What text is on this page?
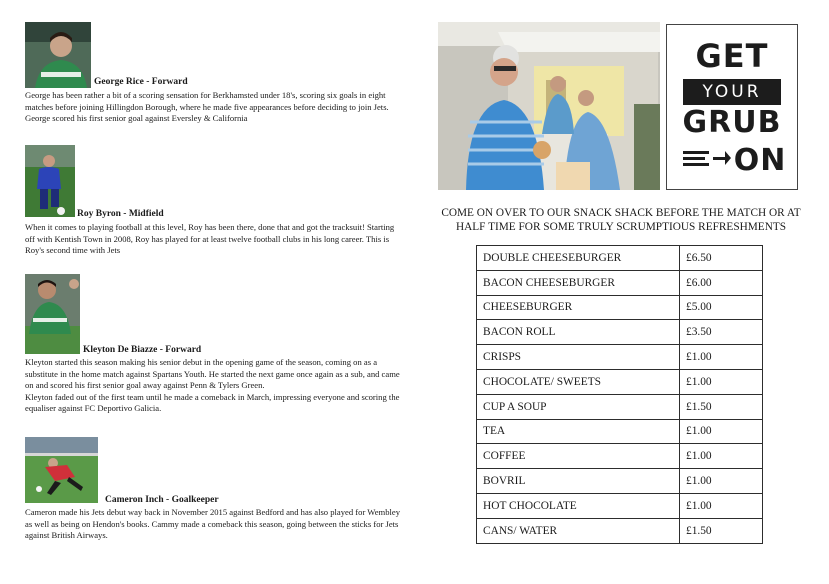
George Rice - Forward

George has been rather a bit of a scoring sensation for Berkhamsted under 18's, scoring six goals in eight matches before joining Hillingdon Borough, where he made five appearances before deciding to join Jets. George scored his first senior goal against Eversley & California

Roy Byron - Midfield

When it comes to playing football at this level, Roy has been there, done that and got the tracksuit! Starting off with Kentish Town in 2008, Roy has played for at least twelve football clubs in his long career. This is Roy's second time with Jets

Kleyton De Biazze - Forward

Kleyton started this season making his senior debut in the opening game of the season, coming on as a substitute in the home match against Spartans Youth. He started the next game once again as a sub, and came on and scored his first senior goal away against Penn & Tylers Green.

Kleyton faded out of the first team until he made a comeback in March, impressing everyone and scoring the equaliser against FC Deportivo Galicia.

Cameron Inch - Goalkeeper

Cameron made his Jets debut way back in November 2015 against Bedford and has also played for Wembley as well as being on Hendon's books. Cammy made a comeback this season, going between the sticks for Jets against British Airways.

GET
YOUR
GRUB
ON
COME ON OVER TO OUR SNACK SHACK BEFORE THE MATCH OR AT HALF TIME FOR SOME TRULY SCRUMPTIOUS REFRESHMENTS
DOUBLE CHEESEBURGER	£6.50
BACON CHEESEBURGER	£6.00
CHEESEBURGER	£5.00
BACON ROLL	£3.50
CRISPS	£1.00
CHOCOLATE/ SWEETS	£1.00
CUP A SOUP	£1.50
TEA	£1.00
COFFEE	£1.00
BOVRIL	£1.00
HOT CHOCOLATE	£1.00
CANS/ WATER	£1.50
